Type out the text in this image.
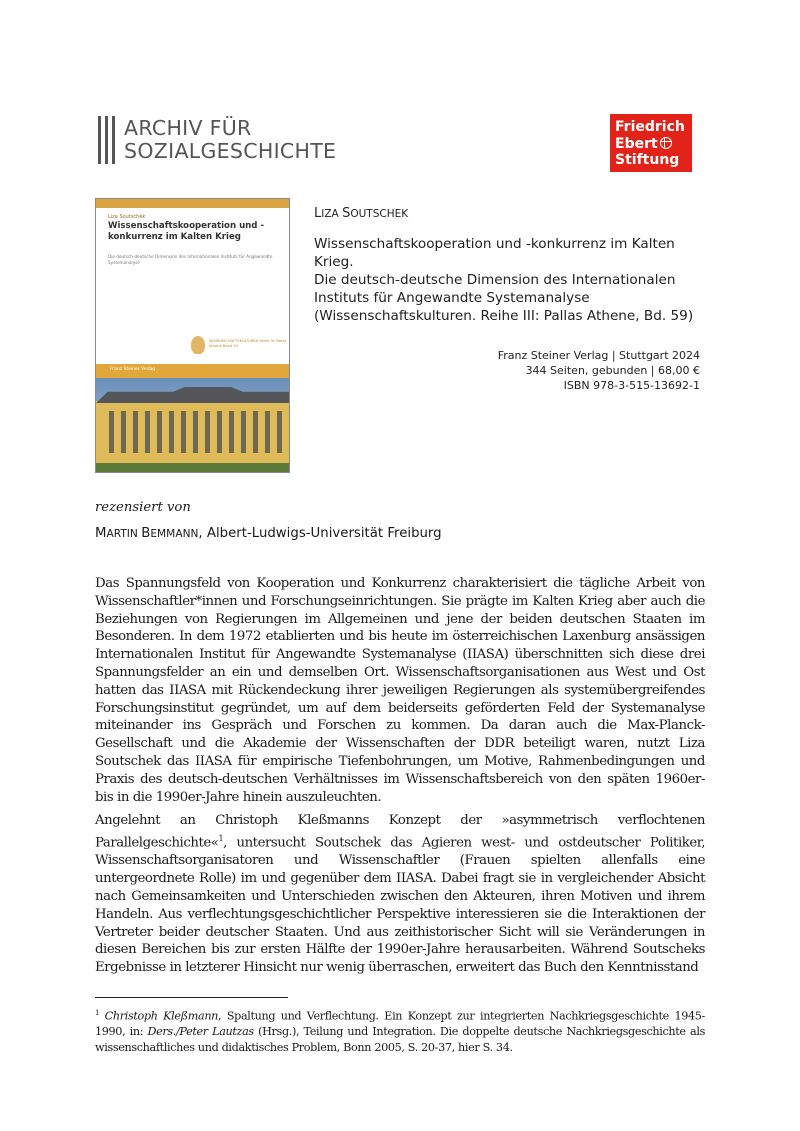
ARCHIV FÜR
SOZIALGESCHICHTE
Friedrich
Ebert
Stiftung
Liza Soutschek
Wissenschaftskooperation und -konkurrenz im Kalten Krieg
Die deutsch-deutsche Dimension des Internationalen Instituts für Angewandte Systemanalyse
WISSENSCHAFTSKULTUREN Reihe III: Pallas Athene Band 59
Franz Steiner Verlag

LIZA SOUTSCHEK

Wissenschaftskooperation und -konkurrenz im Kalten Krieg.
Die deutsch-deutsche Dimension des Internationalen Instituts für Angewandte Systemanalyse
(Wissenschaftskulturen. Reihe III: Pallas Athene, Bd. 59)

Franz Steiner Verlag | Stuttgart 2024
344 Seiten, gebunden | 68,00 €
ISBN 978-3-515-13692-1
rezensiert von
MARTIN BEMMANN, Albert-Ludwigs-Universität Freiburg

Das Spannungsfeld von Kooperation und Konkurrenz charakterisiert die tägliche Arbeit von Wissenschaftler*innen und Forschungseinrichtungen. Sie prägte im Kalten Krieg aber auch die Beziehungen von Regierungen im Allgemeinen und jene der beiden deutschen Staaten im Besonderen. In dem 1972 etablierten und bis heute im österreichischen Laxenburg ansässigen Internationalen Institut für Angewandte Systemanalyse (IIASA) überschnitten sich diese drei Spannungsfelder an ein und demselben Ort. Wissenschaftsorganisationen aus West und Ost hatten das IIASA mit Rückendeckung ihrer jeweiligen Regierungen als systemübergreifendes Forschungsinstitut gegründet, um auf dem beiderseits geförderten Feld der Systemanalyse miteinander ins Gespräch und Forschen zu kommen. Da daran auch die Max-Planck-Gesellschaft und die Akademie der Wissenschaften der DDR beteiligt waren, nutzt Liza Soutschek das IIASA für empirische Tiefenbohrungen, um Motive, Rahmenbedingungen und Praxis des deutsch-deutschen Verhältnisses im Wissenschaftsbereich von den späten 1960er- bis in die 1990er-Jahre hinein auszuleuchten.

Angelehnt an Christoph Kleßmanns Konzept der »asymmetrisch verflochtenen Parallelgeschichte«$^1$, untersucht Soutschek das Agieren west- und ostdeutscher Politiker, Wissenschaftsorganisatoren und Wissenschaftler (Frauen spielten allenfalls eine untergeordnete Rolle) im und gegenüber dem IIASA. Dabei fragt sie in vergleichender Absicht nach Gemeinsamkeiten und Unterschieden zwischen den Akteuren, ihren Motiven und ihrem Handeln. Aus verflechtungsgeschichtlicher Perspektive interessieren sie die Interaktionen der Vertreter beider deutscher Staaten. Und aus zeithistorischer Sicht will sie Veränderungen in diesen Bereichen bis zur ersten Hälfte der 1990er-Jahre herausarbeiten. Während Soutscheks Ergebnisse in letzterer Hinsicht nur wenig überraschen, erweitert das Buch den Kenntnisstand

$^1$ Christoph Kleßmann, Spaltung und Verflechtung. Ein Konzept zur integrierten Nachkriegsgeschichte 1945-1990, in: Ders./Peter Lautzas (Hrsg.), Teilung und Integration. Die doppelte deutsche Nachkriegsgeschichte als wissenschaftliches und didaktisches Problem, Bonn 2005, S. 20-37, hier S. 34.
